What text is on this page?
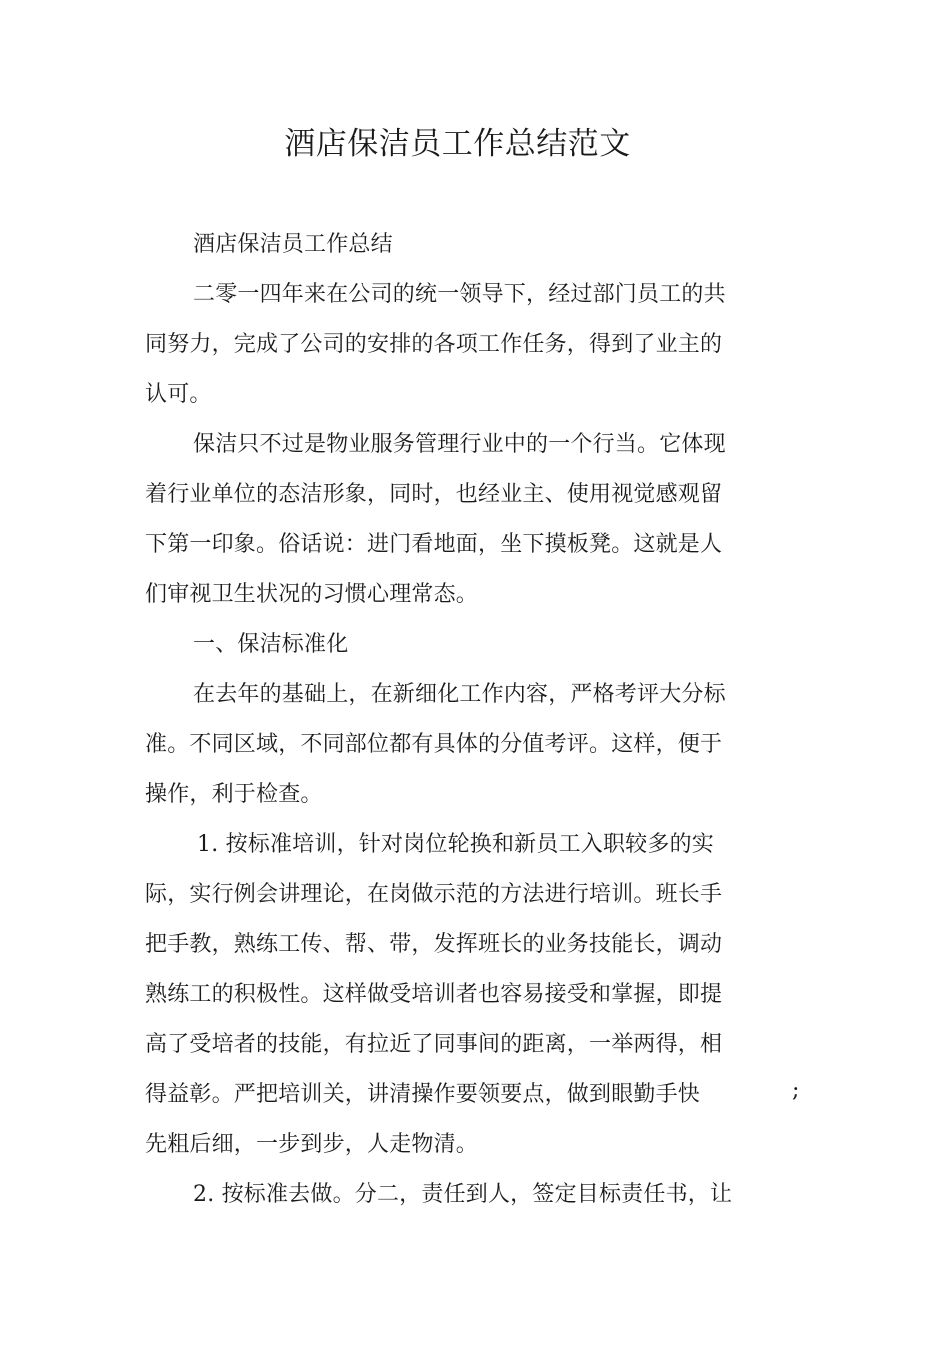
酒店保洁员工作总结范文
酒店保洁员工作总结
二零一四年来在公司的统一领导下，经过部门员工的共
同努力，完成了公司的安排的各项工作任务，得到了业主的
认可。
保洁只不过是物业服务管理行业中的一个行当。它体现
着行业单位的态洁形象，同时，也经业主、使用视觉感观留
下第一印象。俗话说：进门看地面，坐下摸板凳。这就是人
们审视卫生状况的习惯心理常态。
一、保洁标准化
在去年的基础上，在新细化工作内容，严格考评大分标
准。不同区域，不同部位都有具体的分值考评。这样，便于
操作，利于检查。
1. 按标准培训，针对岗位轮换和新员工入职较多的实
际，实行例会讲理论，在岗做示范的方法进行培训。班长手
把手教，熟练工传、帮、带，发挥班长的业务技能长，调动
熟练工的积极性。这样做受培训者也容易接受和掌握，即提
高了受培者的技能，有拉近了同事间的距离，一举两得，相
得益彰。严把培训关，讲清操作要领要点，做到眼勤手快
先粗后细，一步到步，人走物清。
2. 按标准去做。分二，责任到人，签定目标责任书，让
;
